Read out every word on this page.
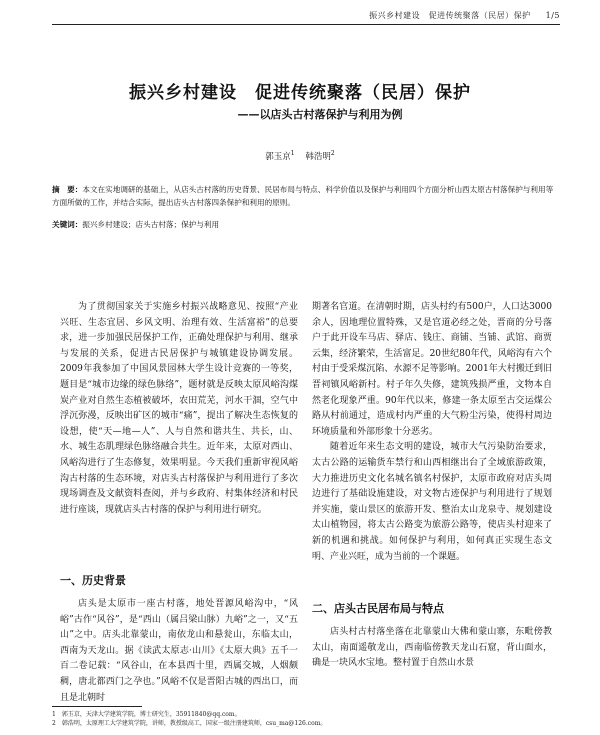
振兴乡村建设　促进传统聚落（民居）保护 1/5
振兴乡村建设　促进传统聚落（民居）保护
——以店头古村落保护与利用为例
郭玉京$^1$ 韩浩明$^2$
摘　要：本文在实地调研的基础上，从店头古村落的历史背景、民居布局与特点、科学价值以及保护与利用四个方面分析山西太原古村落保护与利用等方面所做的工作，并结合实际，提出店头古村落四条保护和利用的原则。
关键词：振兴乡村建设；店头古村落；保护与利用

为了贯彻国家关于实施乡村振兴战略意见、按照“产业兴旺、生态宜居、乡风文明、治理有效、生活富裕”的总要求，进一步加强民居保护工作，正确处理保护与利用、继承与发展的关系，促进古民居保护与城镇建设协调发展。2009年我参加了中国风景园林大学生设计竞赛的一等奖，题目是“城市边缘的绿色脉络”，题材就是反映太原风峪沟煤炭产业对自然生态植被破坏，农田荒芜，河水干涸，空气中浮沉弥漫，反映出矿区的城市“痛”，提出了解决生态恢复的设想，使“天—地—人”、人与自然和谐共生、共长，山、水、城生态肌理绿色脉络融合共生。近年来，太原对西山、风峪沟进行了生态修复，效果明显。今天我们重新审视风峪沟古村落的生态环境，对店头古村落保护与利用进行了多次现场调查及文献资料查阅，并与乡政府、村集体经济和村民进行座谈，现就店头古村落的保护与利用进行研究。

一、历史背景

店头是太原市一座古村落，地处晋源风峪沟中，“风峪”古作“风谷”，是“西山（属吕梁山脉）九峪”之一，又“五山”之中。店头北靠蒙山，南依龙山和悬瓮山，东临太山，西南为天龙山。据《读武太原志·山川》《太原大典》五千一百二卷记载：“风谷山，在本县西十里，西属交城，人烟颇稠，唐北都西门之孕也。”风峪不仅是晋阳古城的西出口，而且是北朝时

期著名官道。在清朝时期，店头村约有500户，人口达3000余人，因地理位置特殊，又是官道必经之处，晋商的分号落户于此开设车马店、驿店、钱庄、商铺、当铺、武馆、商贾云集，经济繁荣，生活富足。20世纪80年代，风峪沟有六个村由于受采煤沉陷、水源不足等影响。2001年大村搬迁到旧晋祠镇风峪新村。村子年久失修，建筑残损严重，文物本自然老化现象严重。90年代以来，修建一条太原至古交运煤公路从村前通过，造成村内严重的大气粉尘污染，使得村周边环境质量和外部形象十分恶劣。

随着近年来生态文明的建设，城市大气污染防治要求，太古公路的运输货车禁行和山西相继出台了全域旅游政策，大力推进历史文化名城名镇名村保护，太原市政府对店头周边进行了基础设施建设，对文物古迹保护与利用进行了规划并实施，蒙山景区的旅游开发、整治太山龙泉寺、规划建设太山植物园，将太古公路变为旅游公路等，使店头村迎来了新的机遇和挑战。如何保护与利用，如何真正实现生态文明、产业兴旺，成为当前的一个课题。

二、店头古民居布局与特点

店头村古村落坐落在北靠蒙山大佛和蒙山寨，东毗傍教太山，南面遥敬龙山，西南临傍教天龙山石窟，背山面水，确是一块风水宝地。整村置于自然山水景

1　郭玉京，天津大学建筑学院，博士研究生，35911840@qq.com。
2　韩浩明，太原理工大学建筑学院，讲师，教授级高工，国家一级注册建筑师，csu_ma@126.com。
